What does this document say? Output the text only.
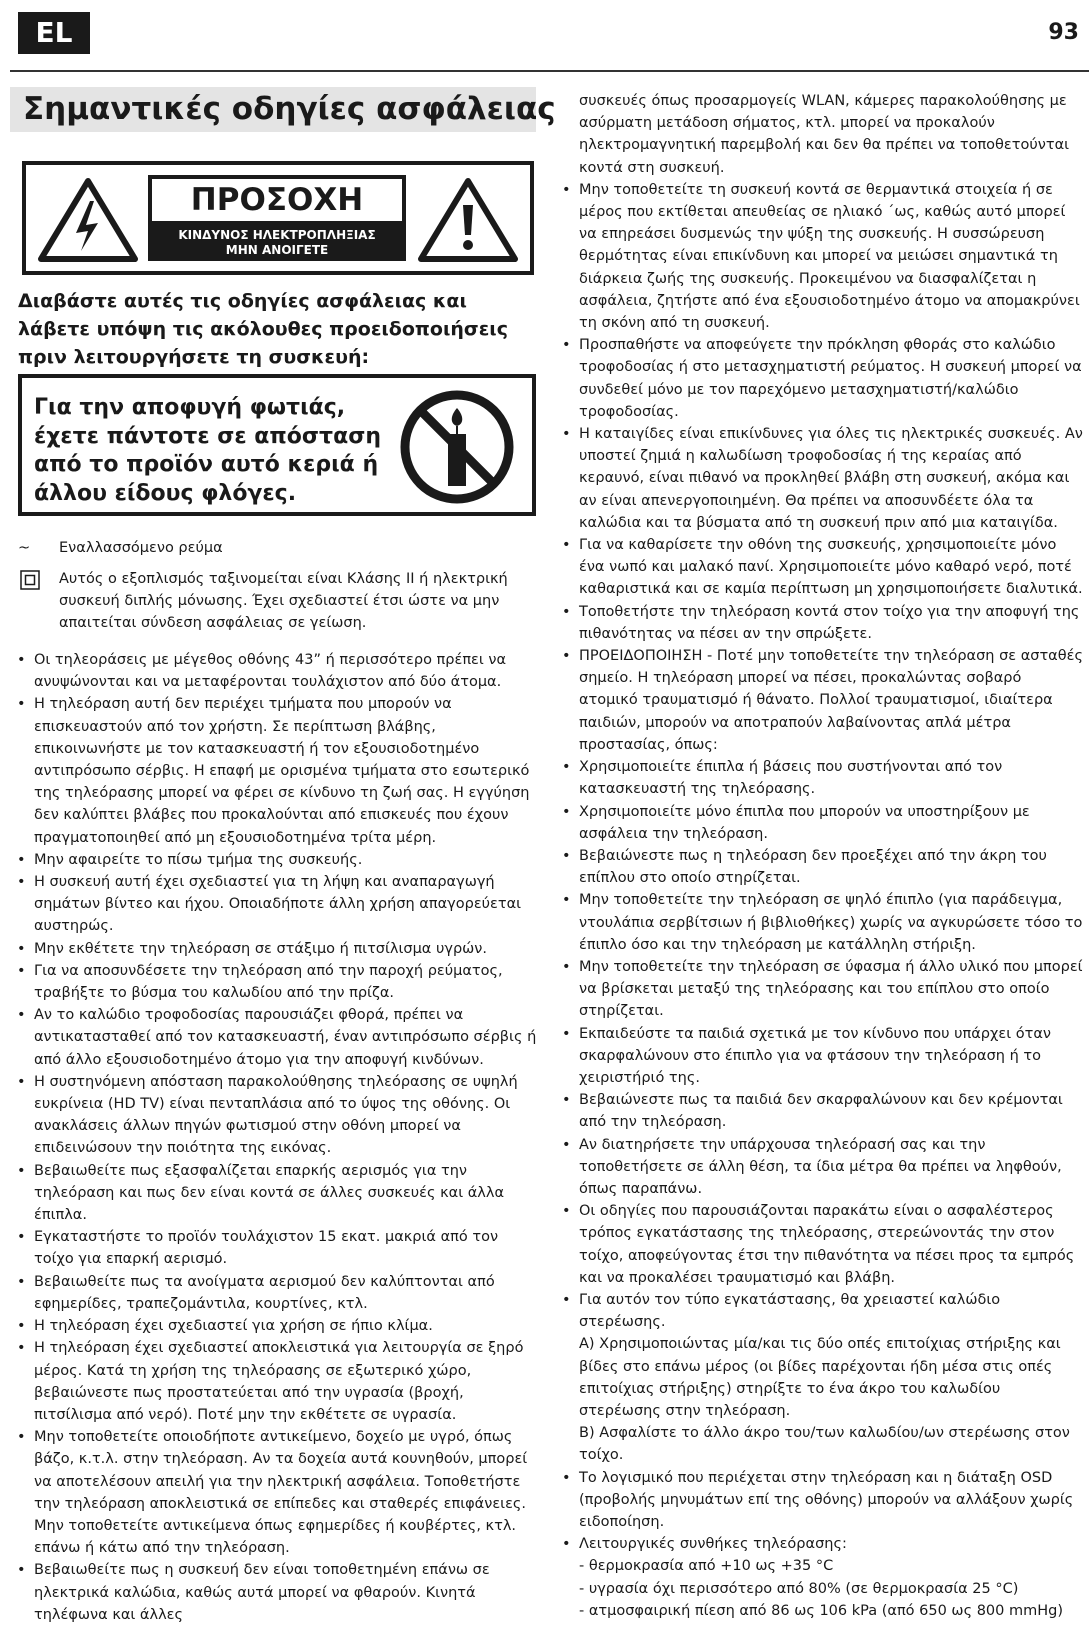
EL	93
Σημαντικές οδηγίες ασφάλειας
ΠΡΟΣΟΧΗ
ΚΙΝΔΥΝΟΣ ΗΛΕΚΤΡΟΠΛΗΞΙΑΣ
ΜΗΝ ΑΝΟΙΓΕΤΕ
Διαβάστε αυτές τις οδηγίες ασφάλειας και λάβετε υπόψη τις ακόλουθες προειδοποιήσεις πριν λειτουργήσετε τη συσκευή:
Για την αποφυγή φωτιάς, έχετε πάντοτε σε απόσταση από το προϊόν αυτό κεριά ή άλλου είδους φλόγες.
~ Εναλλασσόμενο ρεύμα
Αυτός ο εξοπλισμός ταξινομείται είναι Κλάσης II ή ηλεκτρική συσκευή διπλής μόνωσης. Έχει σχεδιαστεί έτσι ώστε να μην απαιτείται σύνδεση ασφάλειας σε γείωση.
• Οι τηλεοράσεις με μέγεθος οθόνης 43” ή περισσότερο πρέπει να ανυψώνονται και να μεταφέρονται τουλάχιστον από δύο άτομα.
• Η τηλεόραση αυτή δεν περιέχει τμήματα που μπορούν να επισκευαστούν από τον χρήστη. Σε περίπτωση βλάβης, επικοινωνήστε με τον κατασκευαστή ή τον εξουσιοδοτημένο αντιπρόσωπο σέρβις. Η επαφή με ορισμένα τμήματα στο εσωτερικό της τηλεόρασης μπορεί να φέρει σε κίνδυνο τη ζωή σας. Η εγγύηση δεν καλύπτει βλάβες που προκαλούνται από επισκευές που έχουν πραγματοποιηθεί από μη εξουσιοδοτημένα τρίτα μέρη.
• Μην αφαιρείτε το πίσω τμήμα της συσκευής.
• Η συσκευή αυτή έχει σχεδιαστεί για τη λήψη και αναπαραγωγή σημάτων βίντεο και ήχου. Οποιαδήποτε άλλη χρήση απαγορεύεται αυστηρώς.
• Μην εκθέτετε την τηλεόραση σε στάξιμο ή πιτσίλισμα υγρών.
• Για να αποσυνδέσετε την τηλεόραση από την παροχή ρεύματος, τραβήξτε το βύσμα του καλωδίου από την πρίζα.
• Αν το καλώδιο τροφοδοσίας παρουσιάζει φθορά, πρέπει να αντικατασταθεί από τον κατασκευαστή, έναν αντιπρόσωπο σέρβις ή από άλλο εξουσιοδοτημένο άτομο για την αποφυγή κινδύνων.
• Η συστηνόμενη απόσταση παρακολούθησης τηλεόρασης σε υψηλή ευκρίνεια (HD TV) είναι πενταπλάσια από το ύψος της οθόνης. Οι ανακλάσεις άλλων πηγών φωτισμού στην οθόνη μπορεί να επιδεινώσουν την ποιότητα της εικόνας.
• Βεβαιωθείτε πως εξασφαλίζεται επαρκής αερισμός για την τηλεόραση και πως δεν είναι κοντά σε άλλες συσκευές και άλλα έπιπλα.
• Εγκαταστήστε το προϊόν τουλάχιστον 15 εκατ. μακριά από τον τοίχο για επαρκή αερισμό.
• Βεβαιωθείτε πως τα ανοίγματα αερισμού δεν καλύπτονται από εφημερίδες, τραπεζομάντιλα, κουρτίνες, κτλ.
• Η τηλεόραση έχει σχεδιαστεί για χρήση σε ήπιο κλίμα.
• Η τηλεόραση έχει σχεδιαστεί αποκλειστικά για λειτουργία σε ξηρό μέρος. Κατά τη χρήση της τηλεόρασης σε εξωτερικό χώρο, βεβαιώνεστε πως προστατεύεται από την υγρασία (βροχή, πιτσίλισμα από νερό). Ποτέ μην την εκθέτετε σε υγρασία.
• Μην τοποθετείτε οποιοδήποτε αντικείμενο, δοχείο με υγρό, όπως βάζο, κ.τ.λ. στην τηλεόραση. Αν τα δοχεία αυτά κουνηθούν, μπορεί να αποτελέσουν απειλή για την ηλεκτρική ασφάλεια. Τοποθετήστε την τηλεόραση αποκλειστικά σε επίπεδες και σταθερές επιφάνειες. Μην τοποθετείτε αντικείμενα όπως εφημερίδες ή κουβέρτες, κτλ. επάνω ή κάτω από την τηλεόραση.
• Βεβαιωθείτε πως η συσκευή δεν είναι τοποθετημένη επάνω σε ηλεκτρικά καλώδια, καθώς αυτά μπορεί να φθαρούν. Κινητά τηλέφωνα και άλλες

συσκευές όπως προσαρμογείς WLAN, κάμερες παρακολούθησης με ασύρματη μετάδοση σήματος, κτλ. μπορεί να προκαλούν ηλεκτρομαγνητική παρεμβολή και δεν θα πρέπει να τοποθετούνται κοντά στη συσκευή.

• Μην τοποθετείτε τη συσκευή κοντά σε θερμαντικά στοιχεία ή σε μέρος που εκτίθεται απευθείας σε ηλιακό ΄ως, καθώς αυτό μπορεί να επηρεάσει δυσμενώς την ψύξη της συσκευής. Η συσσώρευση θερμότητας είναι επικίνδυνη και μπορεί να μειώσει σημαντικά τη διάρκεια ζωής της συσκευής. Προκειμένου να διασφαλίζεται η ασφάλεια, ζητήστε από ένα εξουσιοδοτημένο άτομο να απομακρύνει τη σκόνη από τη συσκευή.
• Προσπαθήστε να αποφεύγετε την πρόκληση φθοράς στο καλώδιο τροφοδοσίας ή στο μετασχηματιστή ρεύματος. Η συσκευή μπορεί να συνδεθεί μόνο με τον παρεχόμενο μετασχηματιστή/καλώδιο τροφοδοσίας.
• Η καταιγίδες είναι επικίνδυνες για όλες τις ηλεκτρικές συσκευές. Αν υποστεί ζημιά η καλωδίωση τροφοδοσίας ή της κεραίας από κεραυνό, είναι πιθανό να προκληθεί βλάβη στη συσκευή, ακόμα και αν είναι απενεργοποιημένη. Θα πρέπει να αποσυνδέετε όλα τα καλώδια και τα βύσματα από τη συσκευή πριν από μια καταιγίδα.
• Για να καθαρίσετε την οθόνη της συσκευής, χρησιμοποιείτε μόνο ένα νωπό και μαλακό πανί. Χρησιμοποιείτε μόνο καθαρό νερό, ποτέ καθαριστικά και σε καμία περίπτωση μη χρησιμοποιήσετε διαλυτικά.
• Τοποθετήστε την τηλεόραση κοντά στον τοίχο για την αποφυγή της πιθανότητας να πέσει αν την σπρώξετε.
• ΠΡΟΕΙΔΟΠΟΙΗΣΗ - Ποτέ μην τοποθετείτε την τηλεόραση σε ασταθές σημείο. Η τηλεόραση μπορεί να πέσει, προκαλώντας σοβαρό ατομικό τραυματισμό ή θάνατο. Πολλοί τραυματισμοί, ιδιαίτερα παιδιών, μπορούν να αποτραπούν λαβαίνοντας απλά μέτρα προστασίας, όπως:
• Χρησιμοποιείτε έπιπλα ή βάσεις που συστήνονται από τον κατασκευαστή της τηλεόρασης.
• Χρησιμοποιείτε μόνο έπιπλα που μπορούν να υποστηρίξουν με ασφάλεια την τηλεόραση.
• Βεβαιώνεστε πως η τηλεόραση δεν προεξέχει από την άκρη του επίπλου στο οποίο στηρίζεται.
• Μην τοποθετείτε την τηλεόραση σε ψηλό έπιπλο (για παράδειγμα, ντουλάπια σερβίτσιων ή βιβλιοθήκες) χωρίς να αγκυρώσετε τόσο το έπιπλο όσο και την τηλεόραση με κατάλληλη στήριξη.
• Μην τοποθετείτε την τηλεόραση σε ύφασμα ή άλλο υλικό που μπορεί να βρίσκεται μεταξύ της τηλεόρασης και του επίπλου στο οποίο στηρίζεται.
• Εκπαιδεύστε τα παιδιά σχετικά με τον κίνδυνο που υπάρχει όταν σκαρφαλώνουν στο έπιπλο για να φτάσουν την τηλεόραση ή το χειριστήριό της.
• Βεβαιώνεστε πως τα παιδιά δεν σκαρφαλώνουν και δεν κρέμονται από την τηλεόραση.
• Αν διατηρήσετε την υπάρχουσα τηλεόρασή σας και την τοποθετήσετε σε άλλη θέση, τα ίδια μέτρα θα πρέπει να ληφθούν, όπως παραπάνω.
• Οι οδηγίες που παρουσιάζονται παρακάτω είναι ο ασφαλέστερος τρόπος εγκατάστασης της τηλεόρασης, στερεώνοντάς την στον τοίχο, αποφεύγοντας έτσι την πιθανότητα να πέσει προς τα εμπρός και να προκαλέσει τραυματισμό και βλάβη.
• Για αυτόν τον τύπο εγκατάστασης, θα χρειαστεί καλώδιο στερέωσης.

A) Χρησιμοποιώντας μία/και τις δύο οπές επιτοίχιας στήριξης και βίδες στο επάνω μέρος (οι βίδες παρέχονται ήδη μέσα στις οπές επιτοίχιας στήριξης) στηρίξτε το ένα άκρο του καλωδίου στερέωσης στην τηλεόραση.

B) Ασφαλίστε το άλλο άκρο του/των καλωδίου/ων στερέωσης στον τοίχο.

• Το λογισμικό που περιέχεται στην τηλεόραση και η διάταξη OSD (προβολής μηνυμάτων επί της οθόνης) μπορούν να αλλάξουν χωρίς ειδοποίηση.
• Λειτουργικές συνθήκες τηλεόρασης:

- θερμοκρασία από +10 ως +35 °C

- υγρασία όχι περισσότερο από 80% (σε θερμοκρασία 25 °C)

- ατμοσφαιρική πίεση από 86 ως 106 kPa (από 650 ως 800 mmHg)
